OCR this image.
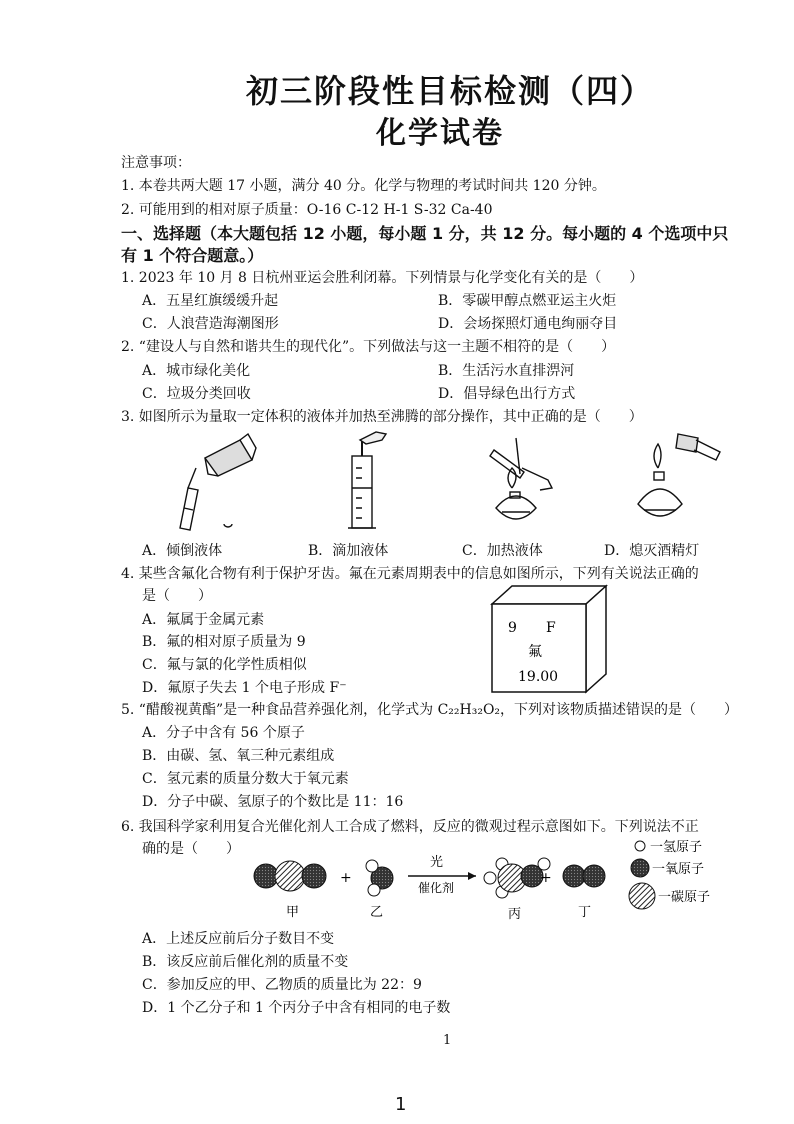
初三阶段性目标检测（四）
化学试卷
注意事项：
1. 本卷共两大题 17 小题，满分 40 分。化学与物理的考试时间共 120 分钟。
2. 可能用到的相对原子质量：O-16 C-12 H-1 S-32 Ca-40
一、选择题（本大题包括 12 小题，每小题 1 分，共 12 分。每小题的 4 个选项中只
有 1 个符合题意。）
1. 2023 年 10 月 8 日杭州亚运会胜利闭幕。下列情景与化学变化有关的是（　　）
A．五星红旗缓缓升起	B．零碳甲醇点燃亚运主火炬
C．人浪营造海潮图形	D．会场探照灯通电绚丽夺目
2. “建设人与自然和谐共生的现代化”。下列做法与这一主题不相符的是（　　）
A．城市绿化美化	B．生活污水直排淠河
C．垃圾分类回收	D．倡导绿色出行方式
3. 如图所示为量取一定体积的液体并加热至沸腾的部分操作，其中正确的是（　　）
A．倾倒液体	B．滴加液体	C．加热液体	D．熄灭酒精灯
4. 某些含氟化合物有利于保护牙齿。氟在元素周期表中的信息如图所示，下列有关说法正确的
是（　　）
A．氟属于金属元素
B．氟的相对原子质量为 9
C．氟与氯的化学性质相似
D．氟原子失去 1 个电子形成 F⁻
9 F
氟
19.00
5. “醋酸视黄酯”是一种食品营养强化剂，化学式为 C₂₂H₃₂O₂，下列对该物质描述错误的是（　　）
A．分子中含有 56 个原子
B．由碳、氢、氧三种元素组成
C．氢元素的质量分数大于氧元素
D．分子中碳、氢原子的个数比是 11：16
6. 我国科学家利用复合光催化剂人工合成了燃料，反应的微观过程示意图如下。下列说法不正
确的是（　　）
+
光
催化剂
+
甲	乙	丙	丁
一氢原子
一氧原子
一碳原子
A．上述反应前后分子数目不变
B．该反应前后催化剂的质量不变
C．参加反应的甲、乙物质的质量比为 22：9
D．1 个乙分子和 1 个丙分子中含有相同的电子数
1
1
